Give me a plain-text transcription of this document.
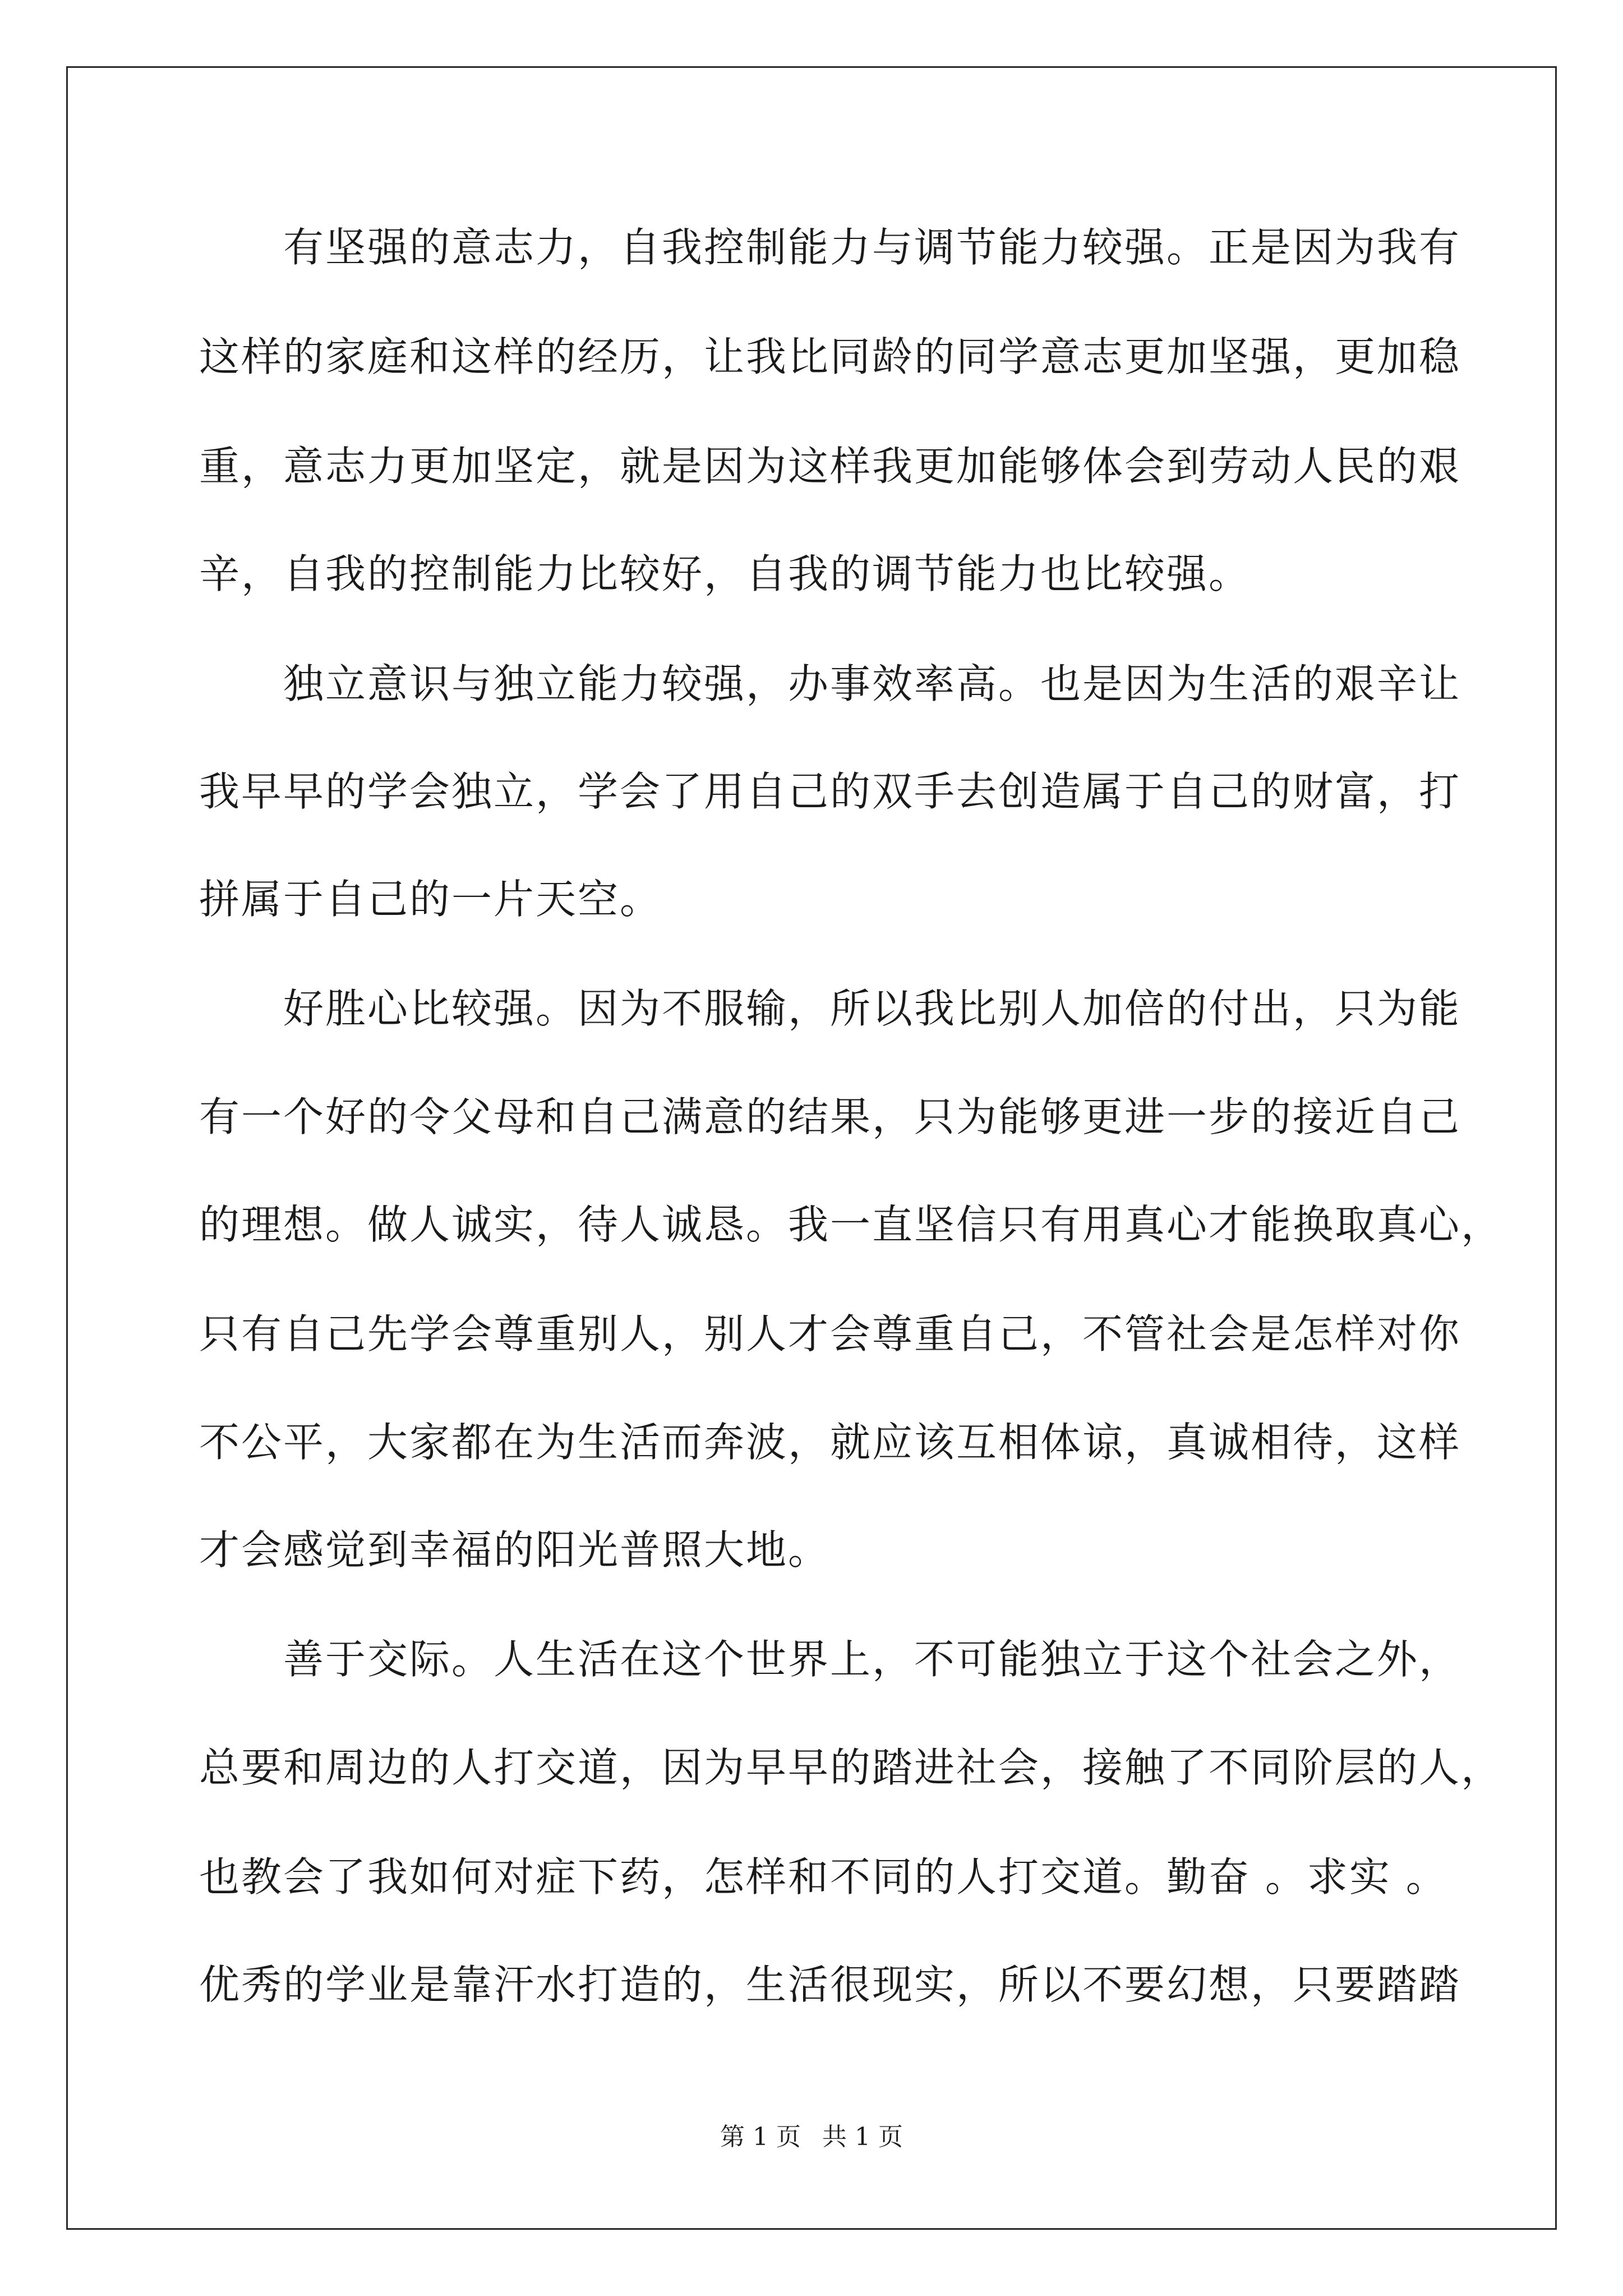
有坚强的意志力，自我控制能力与调节能力较强。正是因为我有
这样的家庭和这样的经历，让我比同龄的同学意志更加坚强，更加稳
重，意志力更加坚定，就是因为这样我更加能够体会到劳动人民的艰
辛，自我的控制能力比较好，自我的调节能力也比较强。
独立意识与独立能力较强，办事效率高。也是因为生活的艰辛让
我早早的学会独立，学会了用自己的双手去创造属于自己的财富，打
拼属于自己的一片天空。
好胜心比较强。因为不服输，所以我比别人加倍的付出，只为能
有一个好的令父母和自己满意的结果，只为能够更进一步的接近自己
的理想。做人诚实，待人诚恳。我一直坚信只有用真心才能换取真心，
只有自己先学会尊重别人，别人才会尊重自己，不管社会是怎样对你
不公平，大家都在为生活而奔波，就应该互相体谅，真诚相待，这样
才会感觉到幸福的阳光普照大地。
善于交际。人生活在这个世界上，不可能独立于这个社会之外，
总要和周边的人打交道，因为早早的踏进社会，接触了不同阶层的人，
也教会了我如何对症下药，怎样和不同的人打交道。勤奋 。求实 。
优秀的学业是靠汗水打造的，生活很现实，所以不要幻想，只要踏踏
第 1 页 共 1 页
